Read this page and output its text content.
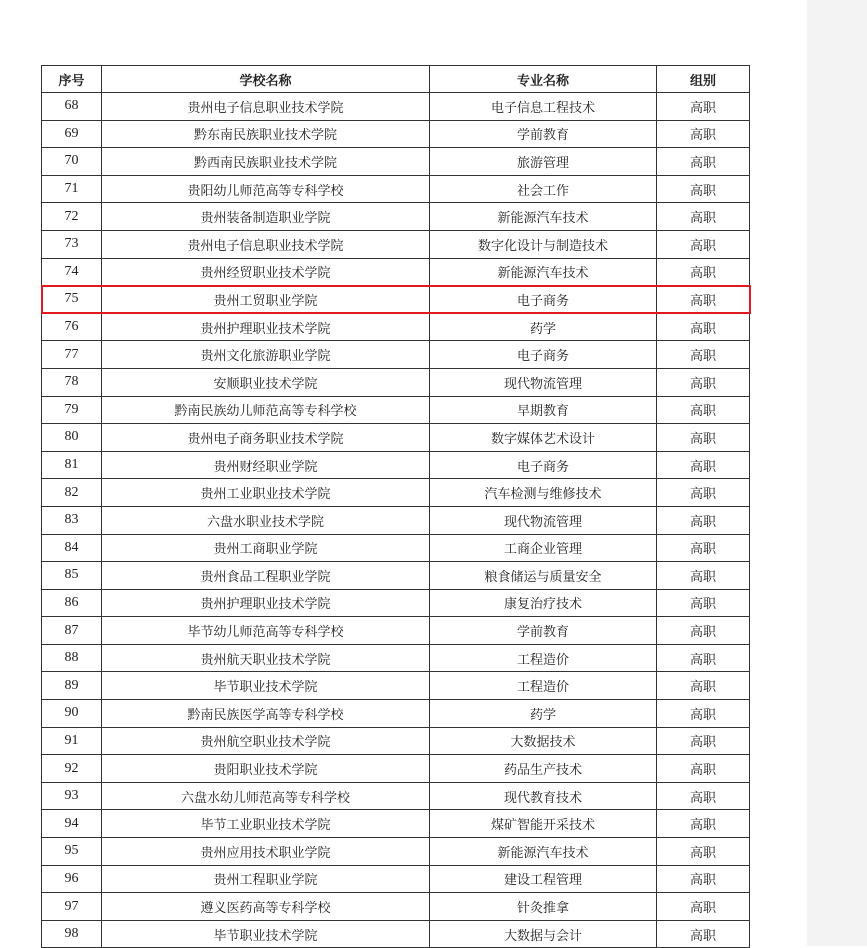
序号	学校名称	专业名称	组别
68	贵州电子信息职业技术学院	电子信息工程技术	高职
69	黔东南民族职业技术学院	学前教育	高职
70	黔西南民族职业技术学院	旅游管理	高职
71	贵阳幼儿师范高等专科学校	社会工作	高职
72	贵州装备制造职业学院	新能源汽车技术	高职
73	贵州电子信息职业技术学院	数字化设计与制造技术	高职
74	贵州经贸职业技术学院	新能源汽车技术	高职
75	贵州工贸职业学院	电子商务	高职
76	贵州护理职业技术学院	药学	高职
77	贵州文化旅游职业学院	电子商务	高职
78	安顺职业技术学院	现代物流管理	高职
79	黔南民族幼儿师范高等专科学校	早期教育	高职
80	贵州电子商务职业技术学院	数字媒体艺术设计	高职
81	贵州财经职业学院	电子商务	高职
82	贵州工业职业技术学院	汽车检测与维修技术	高职
83	六盘水职业技术学院	现代物流管理	高职
84	贵州工商职业学院	工商企业管理	高职
85	贵州食品工程职业学院	粮食储运与质量安全	高职
86	贵州护理职业技术学院	康复治疗技术	高职
87	毕节幼儿师范高等专科学校	学前教育	高职
88	贵州航天职业技术学院	工程造价	高职
89	毕节职业技术学院	工程造价	高职
90	黔南民族医学高等专科学校	药学	高职
91	贵州航空职业技术学院	大数据技术	高职
92	贵阳职业技术学院	药品生产技术	高职
93	六盘水幼儿师范高等专科学校	现代教育技术	高职
94	毕节工业职业技术学院	煤矿智能开采技术	高职
95	贵州应用技术职业学院	新能源汽车技术	高职
96	贵州工程职业学院	建设工程管理	高职
97	遵义医药高等专科学校	针灸推拿	高职
98	毕节职业技术学院	大数据与会计	高职
